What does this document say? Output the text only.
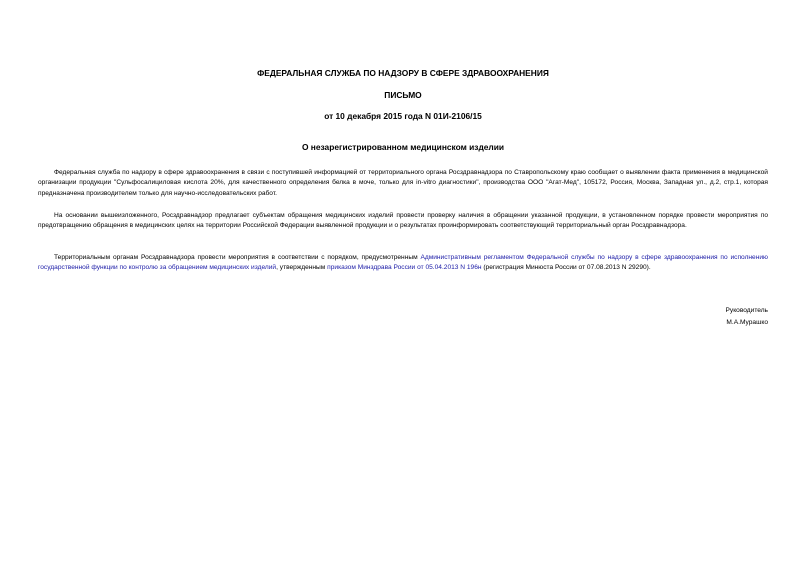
ФЕДЕРАЛЬНАЯ СЛУЖБА ПО НАДЗОРУ В СФЕРЕ ЗДРАВООХРАНЕНИЯ
ПИСЬМО
от 10 декабря 2015 года N 01И-2106/15
О незарегистрированном медицинском изделии

Федеральная служба по надзору в сфере здравоохранения в связи с поступившей информацией от территориального органа Росздравнадзора по Ставропольскому краю сообщает о выявлении факта применения в медицинской организации продукции "Сульфосалициловая кислота 20%, для качественного определения белка в моче, только для in-vitro диагностики", производства ООО "Агат-Мед", 105172, Россия, Москва, Западная ул., д.2, стр.1, которая предназначена производителем только для научно-исследовательских работ.

На основании вышеизложенного, Росздравнадзор предлагает субъектам обращения медицинских изделий провести проверку наличия в обращении указанной продукции, в установленном порядке провести мероприятия по предотвращению обращения в медицинских целях на территории Российской Федерации выявленной продукции и о результатах проинформировать соответствующий территориальный орган Росздравнадзора.

Территориальным органам Росздравнадзора провести мероприятия в соответствии с порядком, предусмотренным Административным регламентом Федеральной службы по надзору в сфере здравоохранения по исполнению государственной функции по контролю за обращением медицинских изделий, утвержденным приказом Минздрава России от 05.04.2013 N 196н (регистрация Минюста России от 07.08.2013 N 29290).

Руководитель
М.А.Мурашко
